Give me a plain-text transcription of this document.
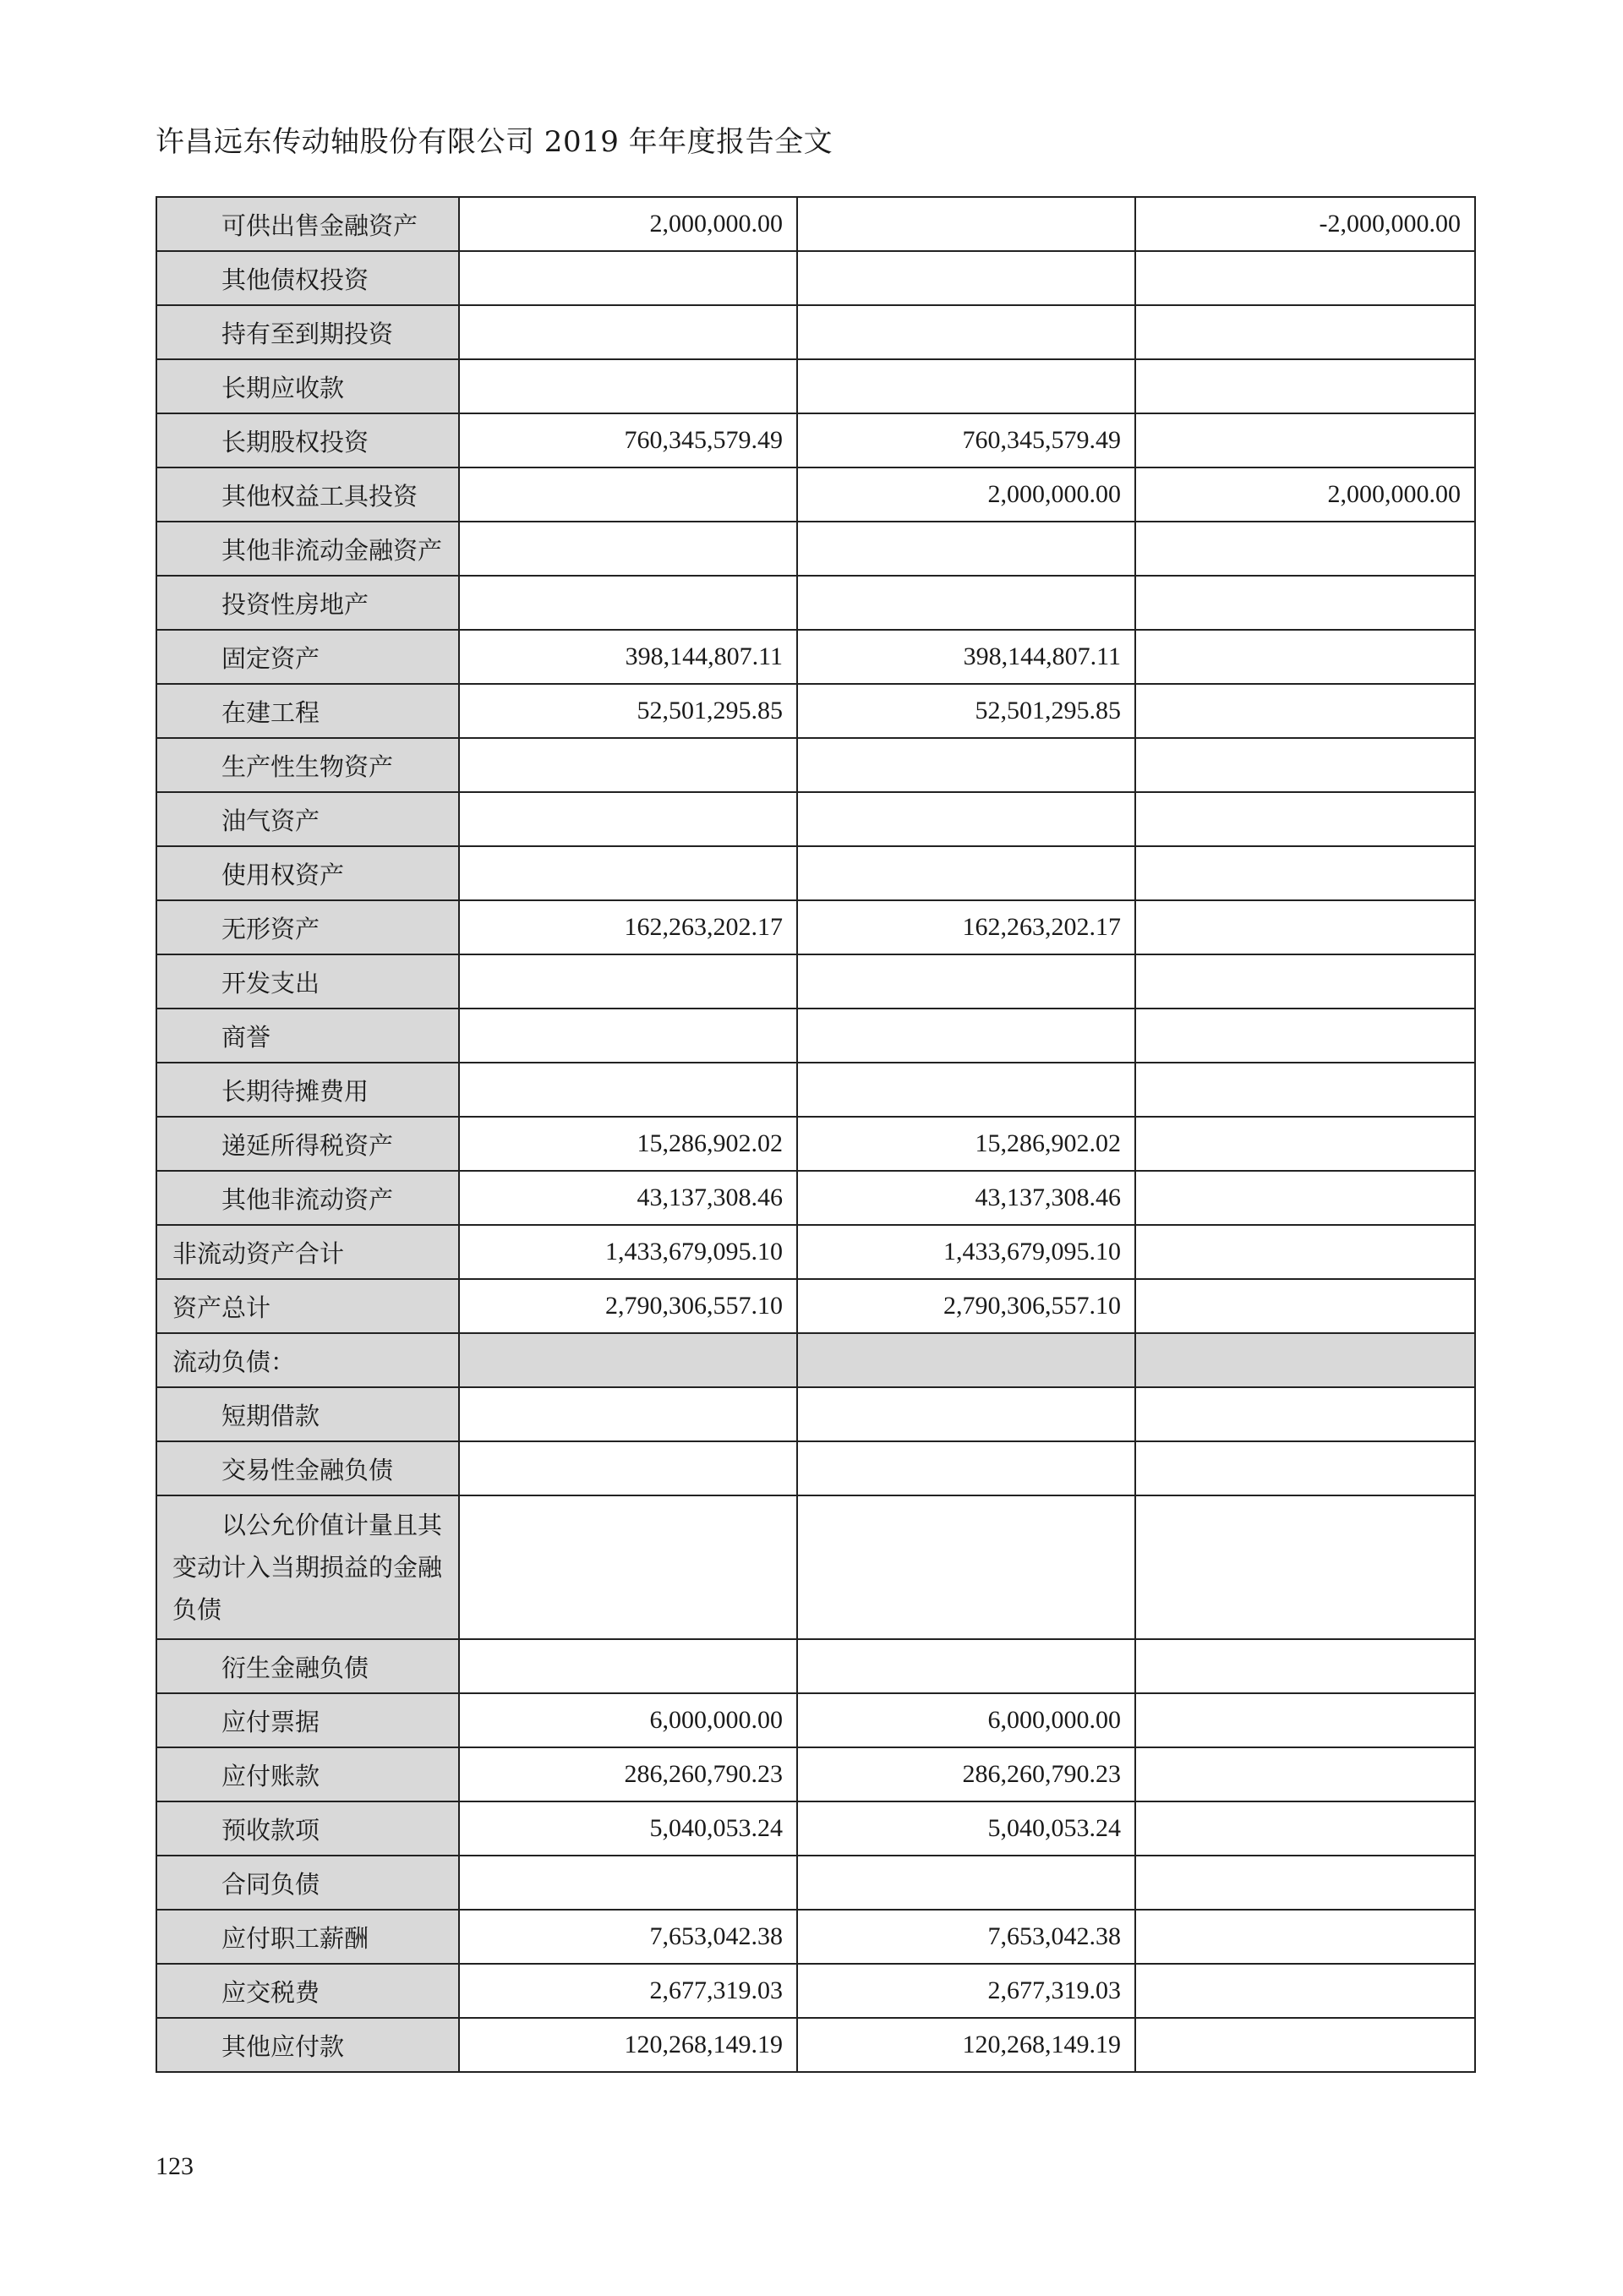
许昌远东传动轴股份有限公司 2019 年年度报告全文
可供出售金融资产	2,000,000.00		-2,000,000.00
其他债权投资			
持有至到期投资			
长期应收款			
长期股权投资	760,345,579.49	760,345,579.49	
其他权益工具投资		2,000,000.00	2,000,000.00
其他非流动金融资产			
投资性房地产			
固定资产	398,144,807.11	398,144,807.11	
在建工程	52,501,295.85	52,501,295.85	
生产性生物资产			
油气资产			
使用权资产			
无形资产	162,263,202.17	162,263,202.17	
开发支出			
商誉			
长期待摊费用			
递延所得税资产	15,286,902.02	15,286,902.02	
其他非流动资产	43,137,308.46	43,137,308.46	
非流动资产合计	1,433,679,095.10	1,433,679,095.10	
资产总计	2,790,306,557.10	2,790,306,557.10	
流动负债：			
短期借款			
交易性金融负债			
以公允价值计量且其变动计入当期损益的金融负债			
衍生金融负债			
应付票据	6,000,000.00	6,000,000.00	
应付账款	286,260,790.23	286,260,790.23	
预收款项	5,040,053.24	5,040,053.24	
合同负债			
应付职工薪酬	7,653,042.38	7,653,042.38	
应交税费	2,677,319.03	2,677,319.03	
其他应付款	120,268,149.19	120,268,149.19	
123
